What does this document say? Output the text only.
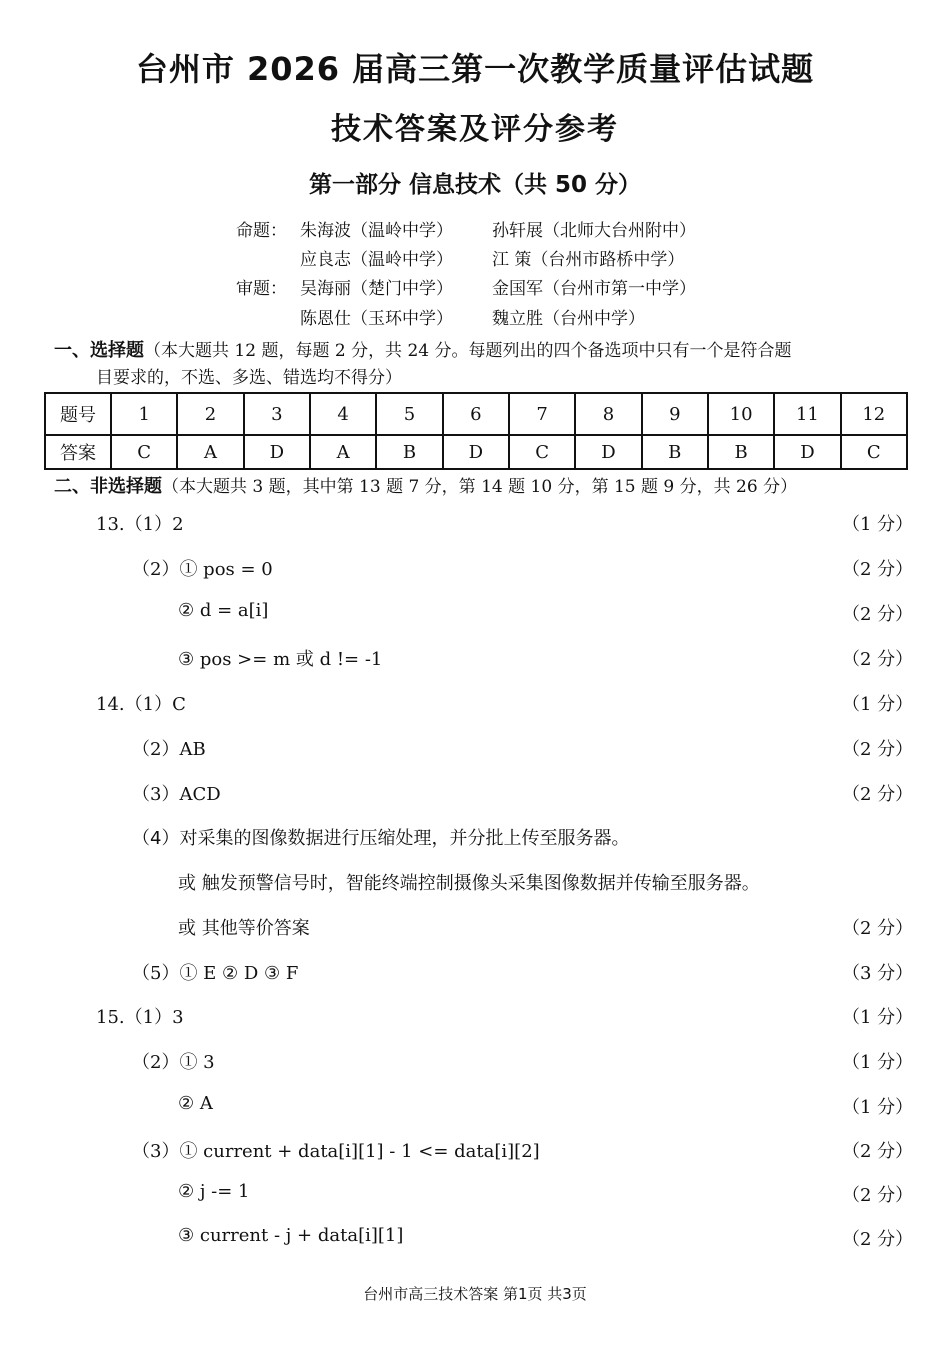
台州市 2026 届高三第一次教学质量评估试题
技术答案及评分参考
第一部分 信息技术（共 50 分）
命题： 朱海波（温岭中学） 孙轩展（北师大台州附中）
应良志（温岭中学） 江 策（台州市路桥中学）
审题： 吴海丽（楚门中学） 金国军（台州市第一中学）
陈恩仕（玉环中学） 魏立胜（台州中学）
一、选择题（本大题共 12 题，每题 2 分，共 24 分。每题列出的四个备选项中只有一个是符合题
目要求的，不选、多选、错选均不得分）
题号	1	2	3	4	5	6	7	8	9	10	11	12
答案	C	A	D	A	B	D	C	D	B	B	D	C
二、非选择题（本大题共 3 题，其中第 13 题 7 分，第 14 题 10 分，第 15 题 9 分，共 26 分）
13.（1）2	（1 分）
（2）① pos = 0	（2 分）
② d = a[i]	（2 分）
③ pos >= m 或 d != -1	（2 分）
14.（1）C	（1 分）
（2）AB	（2 分）
（3）ACD	（2 分）
（4）对采集的图像数据进行压缩处理，并分批上传至服务器。
或 触发预警信号时，智能终端控制摄像头采集图像数据并传输至服务器。
或 其他等价答案	（2 分）
（5）① E ② D ③ F	（3 分）
15.（1）3	（1 分）
（2）① 3	（1 分）
② A	（1 分）
（3）① current + data[i][1] - 1 <= data[i][2]	（2 分）
② j -= 1	（2 分）
③ current - j + data[i][1]	（2 分）
台州市高三技术答案 第1页 共3页
